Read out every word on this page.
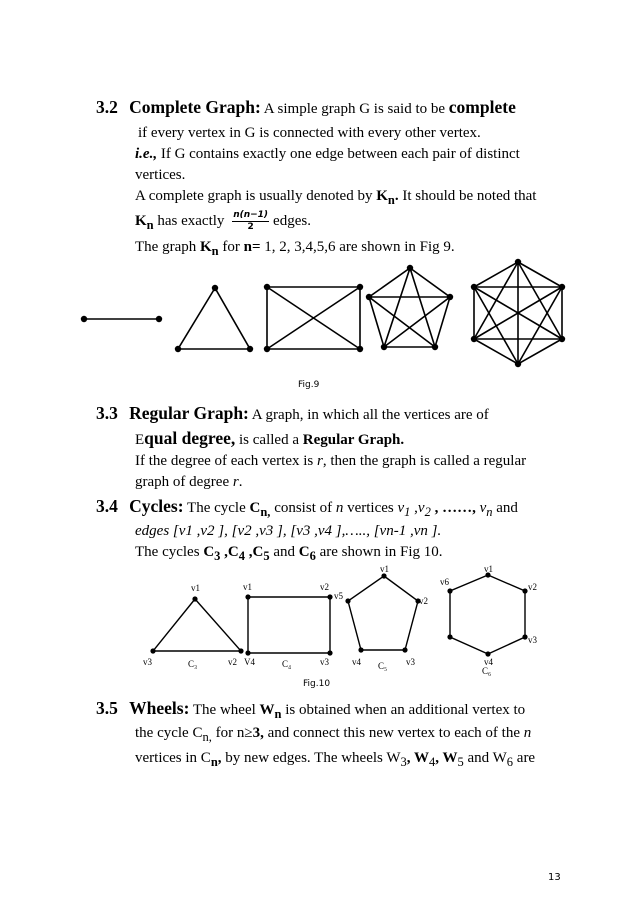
3.2 Complete Graph: A simple graph G is said to be complete
if every vertex in G is connected with every other vertex.
i.e., If G contains exactly one edge between each pair of distinct
vertices.
A complete graph is usually denoted by $K_n$. It should be noted that
$K_n$ has exactly $\frac{n(n-1)}{2}$ edges.
The graph $K_n$ for n= 1, 2, 3,4,5,6 are shown in Fig 9.
Fig.9
3.3 Regular Graph: A graph, in which all the vertices are of
Equal degree, is called a Regular Graph.
If the degree of each vertex is r, then the graph is called a regular
graph of degree r.
3.4 Cycles: The cycle $C_{n,}$ consist of n vertices $v_1$ $,v_2$ , ……, $v_n$ and
edges [v1 ,v2 ], [v2 ,v3 ], [v3 ,v4 ],….., [vn-1 ,vn ].
The cycles $C_3$ $,C_4$ $,C_5$ and $C_6$ are shown in Fig 10.
v1
v3	v2
C₃
v1	v2
v3
V4	C₄
v1
v2
v3
v4
v5
C₅
v1
v2
v3
v4
v6
C₆
Fig.10
3.5 Wheels: The wheel $W_n$ is obtained when an additional vertex to
the cycle $C_{n,}$ for n≥3, and connect this new vertex to each of the n
vertices in $C_n$, by new edges. The wheels $W_3$, $W_4$, $W_5$ and $W_6$ are
13
